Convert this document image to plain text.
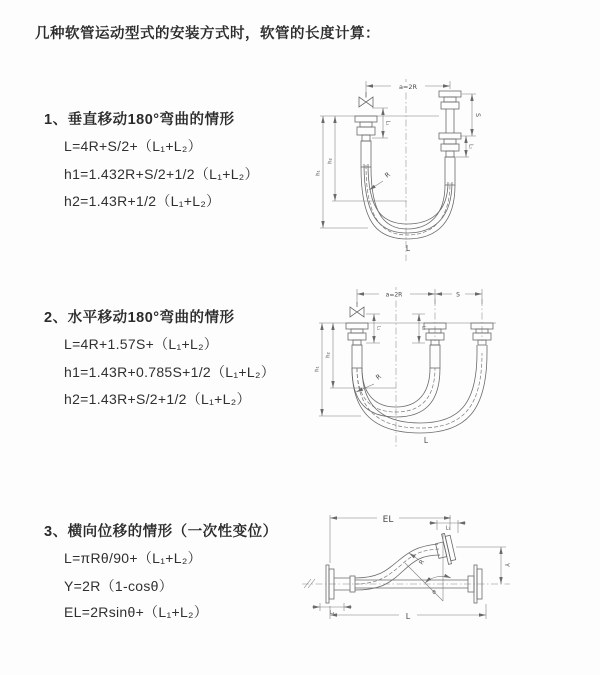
几种软管运动型式的安装方式时，软管的长度计算：
1、垂直移动180°弯曲的情形
L=4R+S/2+（L₁+L₂）
h1=1.432R+S/2+1/2（L₁+L₂）
h2=1.43R+1/2（L₁+L₂）
2、水平移动180°弯曲的情形
L=4R+1.57S+（L₁+L₂）
h1=1.43R+0.785S+1/2（L₁+L₂）
h2=1.43R+S/2+1/2（L₁+L₂）
3、横向位移的情形（一次性变位）
L=πRθ/90+（L₁+L₂）
Y=2R（1-cosθ）
EL=2Rsinθ+（L₁+L₂）
a=2R
S
L₂
L₁
h₁
h₂
R
L
a=2R	S
L₁	L₂
h₁
h₂
R
L
EL
L₁
Y
θ
R
L₂	L
